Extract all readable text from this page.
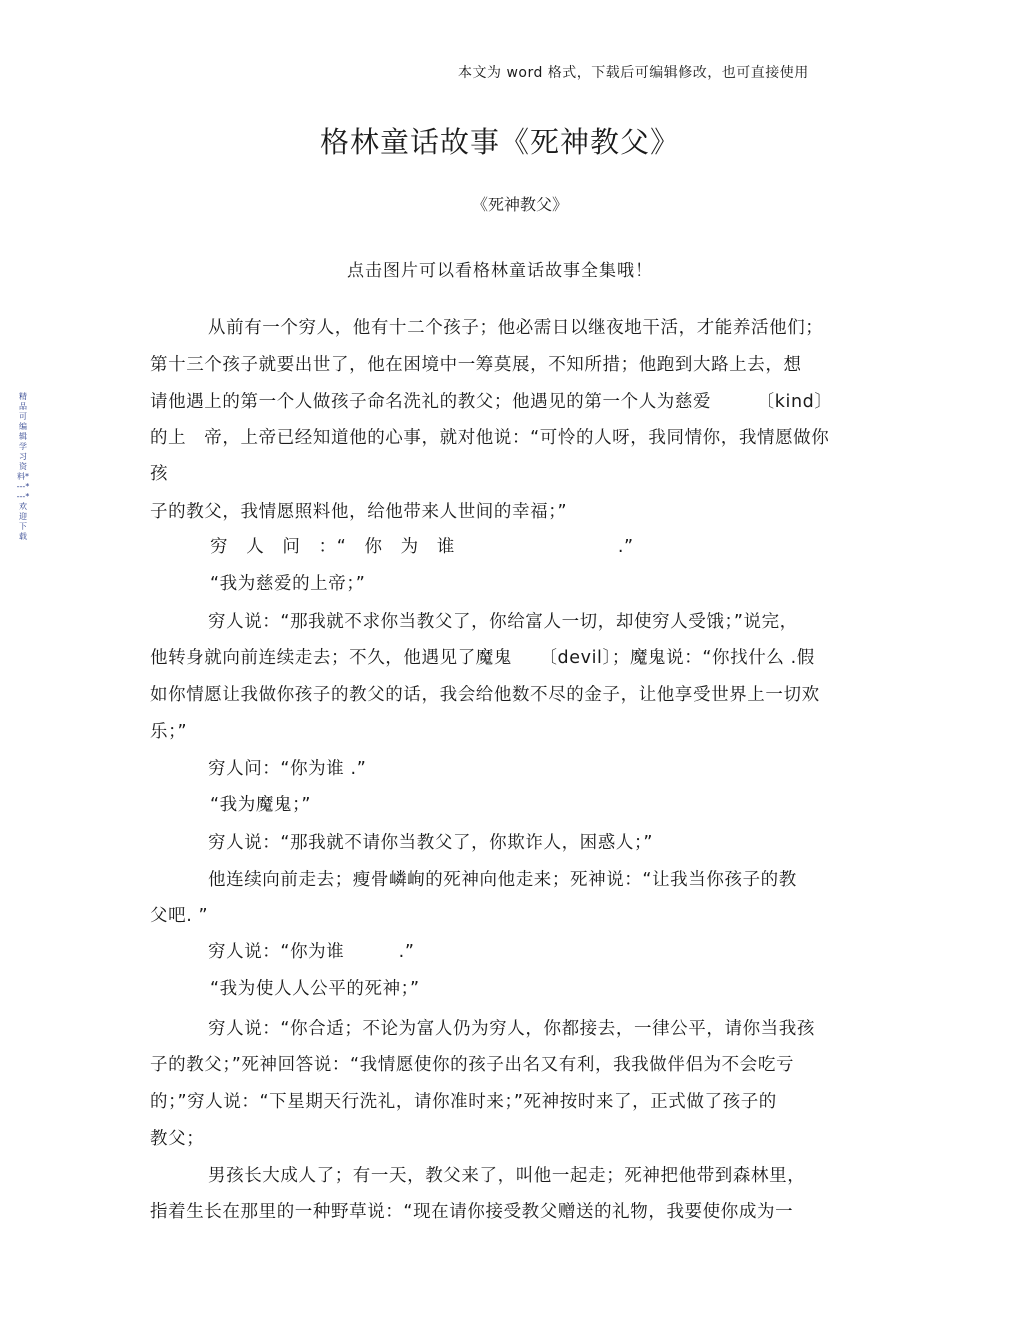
本文为 word 格式，下载后可编辑修改，也可直接使用
格林童话故事《死神教父》
《死神教父》
点击图片可以看格林童话故事全集哦！
精品可编辑学习资料*---*---*欢迎下载
从前有一个穷人，他有十二个孩子；他必需日以继夜地干活，才能养活他们；
第十三个孩子就要出世了，他在困境中一筹莫展，不知所措；他跑到大路上去，想
请他遇上的第一个人做孩子命名洗礼的教父；他遇见的第一个人为慈爱　　　〔kind〕
的上　帝，上帝已经知道他的心事，就对他说：“可怜的人呀，我同情你，我情愿做你
孩
子的教父，我情愿照料他，给他带来人世间的幸福；”
穷　人　问　：“　你　为　谁　　　　　　　　　.”
“我为慈爱的上帝；”
穷人说：“那我就不求你当教父了，你给富人一切，却使穷人受饿；”说完，
他转身就向前连续走去；不久，他遇见了魔鬼　　〔devil〕；魔鬼说：“你找什么 .假
如你情愿让我做你孩子的教父的话，我会给他数不尽的金子，让他享受世界上一切欢
乐；”
穷人问：“你为谁 .”
“我为魔鬼；”
穷人说：“那我就不请你当教父了，你欺诈人，困惑人；”
他连续向前走去；瘦骨嶙峋的死神向他走来；死神说：“让我当你孩子的教
父吧. ”
穷人说：“你为谁　　　.”
“我为使人人公平的死神；”
穷人说：“你合适；不论为富人仍为穷人，你都接去，一律公平，请你当我孩
子的教父；”死神回答说：“我情愿使你的孩子出名又有利，我我做伴侣为不会吃亏
的；”穷人说：“下星期天行洗礼，请你准时来；”死神按时来了，正式做了孩子的
教父；
男孩长大成人了；有一天，教父来了，叫他一起走；死神把他带到森林里，
指着生长在那里的一种野草说：“现在请你接受教父赠送的礼物，我要使你成为一
